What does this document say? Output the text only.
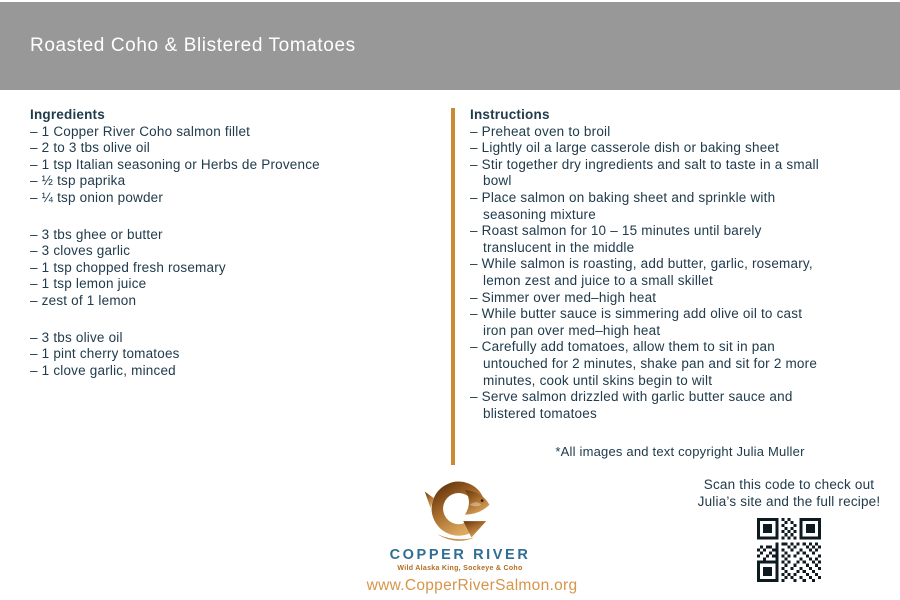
Roasted Coho & Blistered Tomatoes
Ingredients
– 1 Copper River Coho salmon fillet
– 2 to 3 tbs olive oil
– 1 tsp Italian seasoning or Herbs de Provence
– ½ tsp paprika
– ¼ tsp onion powder
– 3 tbs ghee or butter
– 3 cloves garlic
– 1 tsp chopped fresh rosemary
– 1 tsp lemon juice
– zest of 1 lemon
– 3 tbs olive oil
– 1 pint cherry tomatoes
– 1 clove garlic, minced
Instructions
– Preheat oven to broil
– Lightly oil a large casserole dish or baking sheet
– Stir together dry ingredients and salt to taste in a small bowl
– Place salmon on baking sheet and sprinkle with seasoning mixture
– Roast salmon for 10 – 15 minutes until barely translucent in the middle
– While salmon is roasting, add butter, garlic, rosemary, lemon zest and juice to a small skillet
– Simmer over med–high heat
– While butter sauce is simmering add olive oil to cast iron pan over med–high heat
– Carefully add tomatoes, allow them to sit in pan untouched for 2 minutes, shake pan and sit for 2 more minutes, cook until skins begin to wilt
– Serve salmon drizzled with garlic butter sauce and blistered tomatoes
*All images and text copyright Julia Muller
COPPER RIVER
Wild Alaska King, Sockeye & Coho
www.CopperRiverSalmon.org
Scan this code to check out
Julia’s site and the full recipe!
